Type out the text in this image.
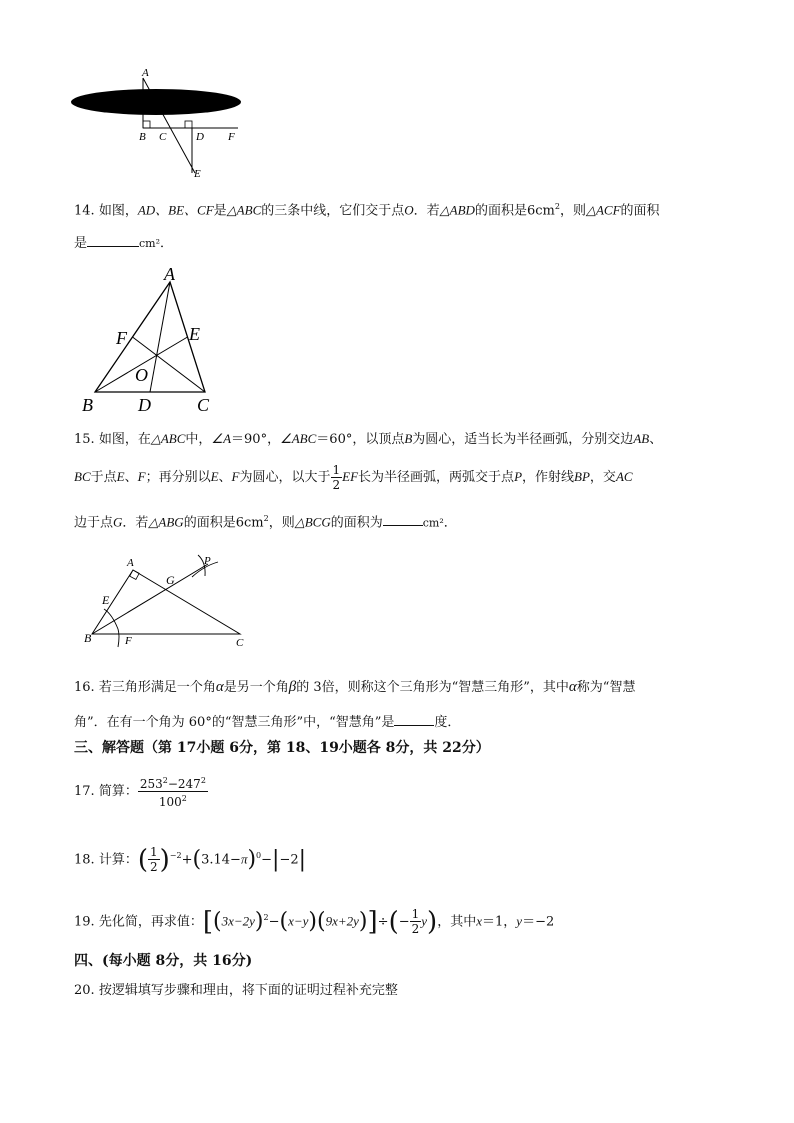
A
B C	D F
E
14. 如图，AD、BE、CF是△ABC的三条中线，它们交于点O．若△ABD的面积是$6cm^2$，则△ACF的面积
是	cm²．
A
F	E
O
B	D	C
15. 如图，在△ABC中，∠A＝90°，∠ABC＝60°，以顶点B为圆心，适当长为半径画弧，分别交边AB、
BC于点E、F；再分别以E、F为圆心，以大于 $\frac{1}{2}$ EF长为半径画弧，两弧交于点P，作射线BP，交AC
边于点G．若△ABG的面积是$6cm^2$，则△BCG的面积为	cm²．
A
G
P
E
B	F	C
16. 若三角形满足一个角α是另一个角β的 3倍，则称这个三角形为“智慧三角形”，其中α称为“智慧
角”．在有一个角为 60°的“智慧三角形”中，“智慧角”是	度．
三、解答题（第 17小题 6分，第 18、19小题各 8分，共 22分）
17. 简算： $\frac{253^2-247^2}{100^2}$
18. 计算：( $\frac{1}{2} )^{-2}+(3.14-\pi)^0-|-2|$
19. 先化简，再求值：$[(3x-2y)^2-(x-y)(9x+2y)]\div(- \frac{1}{2} y)$，其中x＝1，y＝−2
四、(每小题 8分，共 16分)
20. 按逻辑填写步骤和理由，将下面的证明过程补充完整
